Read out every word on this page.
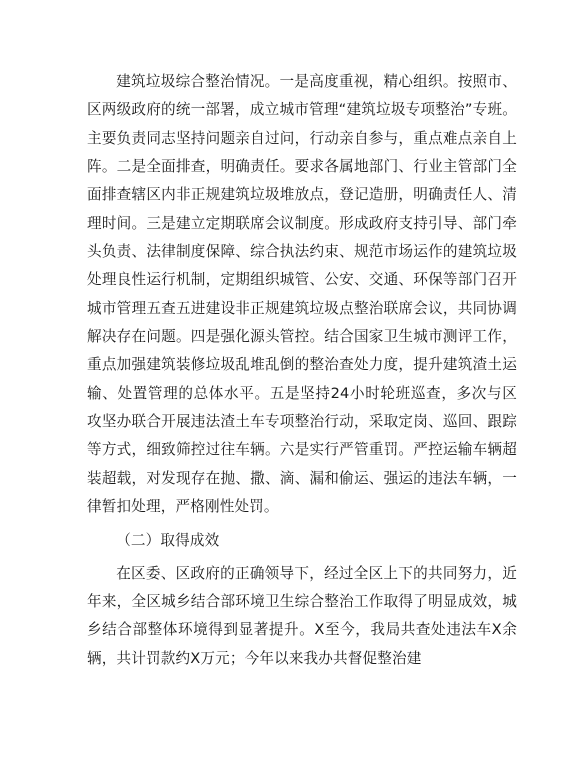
建筑垃圾综合整治情况。一是高度重视，精心组织。按照市、区两级政府的统一部署，成立城市管理“建筑垃圾专项整治”专班。主要负责同志坚持问题亲自过问，行动亲自参与，重点难点亲自上阵。二是全面排查，明确责任。要求各属地部门、行业主管部门全面排查辖区内非正规建筑垃圾堆放点，登记造册，明确责任人、清理时间。三是建立定期联席会议制度。形成政府支持引导、部门牵头负责、法律制度保障、综合执法约束、规范市场运作的建筑垃圾处理良性运行机制，定期组织城管、公安、交通、环保等部门召开城市管理五查五进建设非正规建筑垃圾点整治联席会议，共同协调解决存在问题。四是强化源头管控。结合国家卫生城市测评工作，重点加强建筑装修垃圾乱堆乱倒的整治查处力度，提升建筑渣土运输、处置管理的总体水平。五是坚持24小时轮班巡查，多次与区攻坚办联合开展违法渣土车专项整治行动，采取定岗、巡回、跟踪等方式，细致筛控过往车辆。六是实行严管重罚。严控运输车辆超装超载，对发现存在抛、撒、滴、漏和偷运、强运的违法车辆，一律暂扣处理，严格刚性处罚。

（二）取得成效

在区委、区政府的正确领导下，经过全区上下的共同努力，近年来，全区城乡结合部环境卫生综合整治工作取得了明显成效，城乡结合部整体环境得到显著提升。X至今，我局共查处违法车X余辆，共计罚款约X万元；今年以来我办共督促整治建
